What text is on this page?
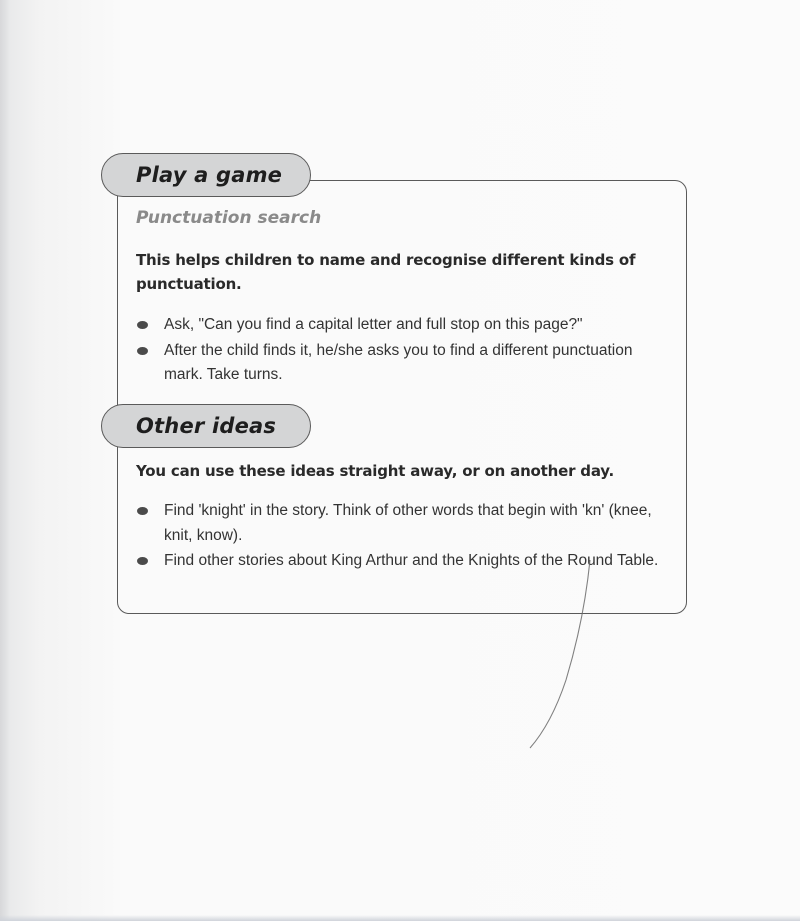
Play a game
Punctuation search
This helps children to name and recognise different kinds of punctuation.
Ask, "Can you find a capital letter and full stop on this page?"
After the child finds it, he/she asks you to find a different punctuation mark. Take turns.
Other ideas
You can use these ideas straight away, or on another day.
Find 'knight' in the story. Think of other words that begin with 'kn' (knee, knit, know).
Find other stories about King Arthur and the Knights of the Round Table.
